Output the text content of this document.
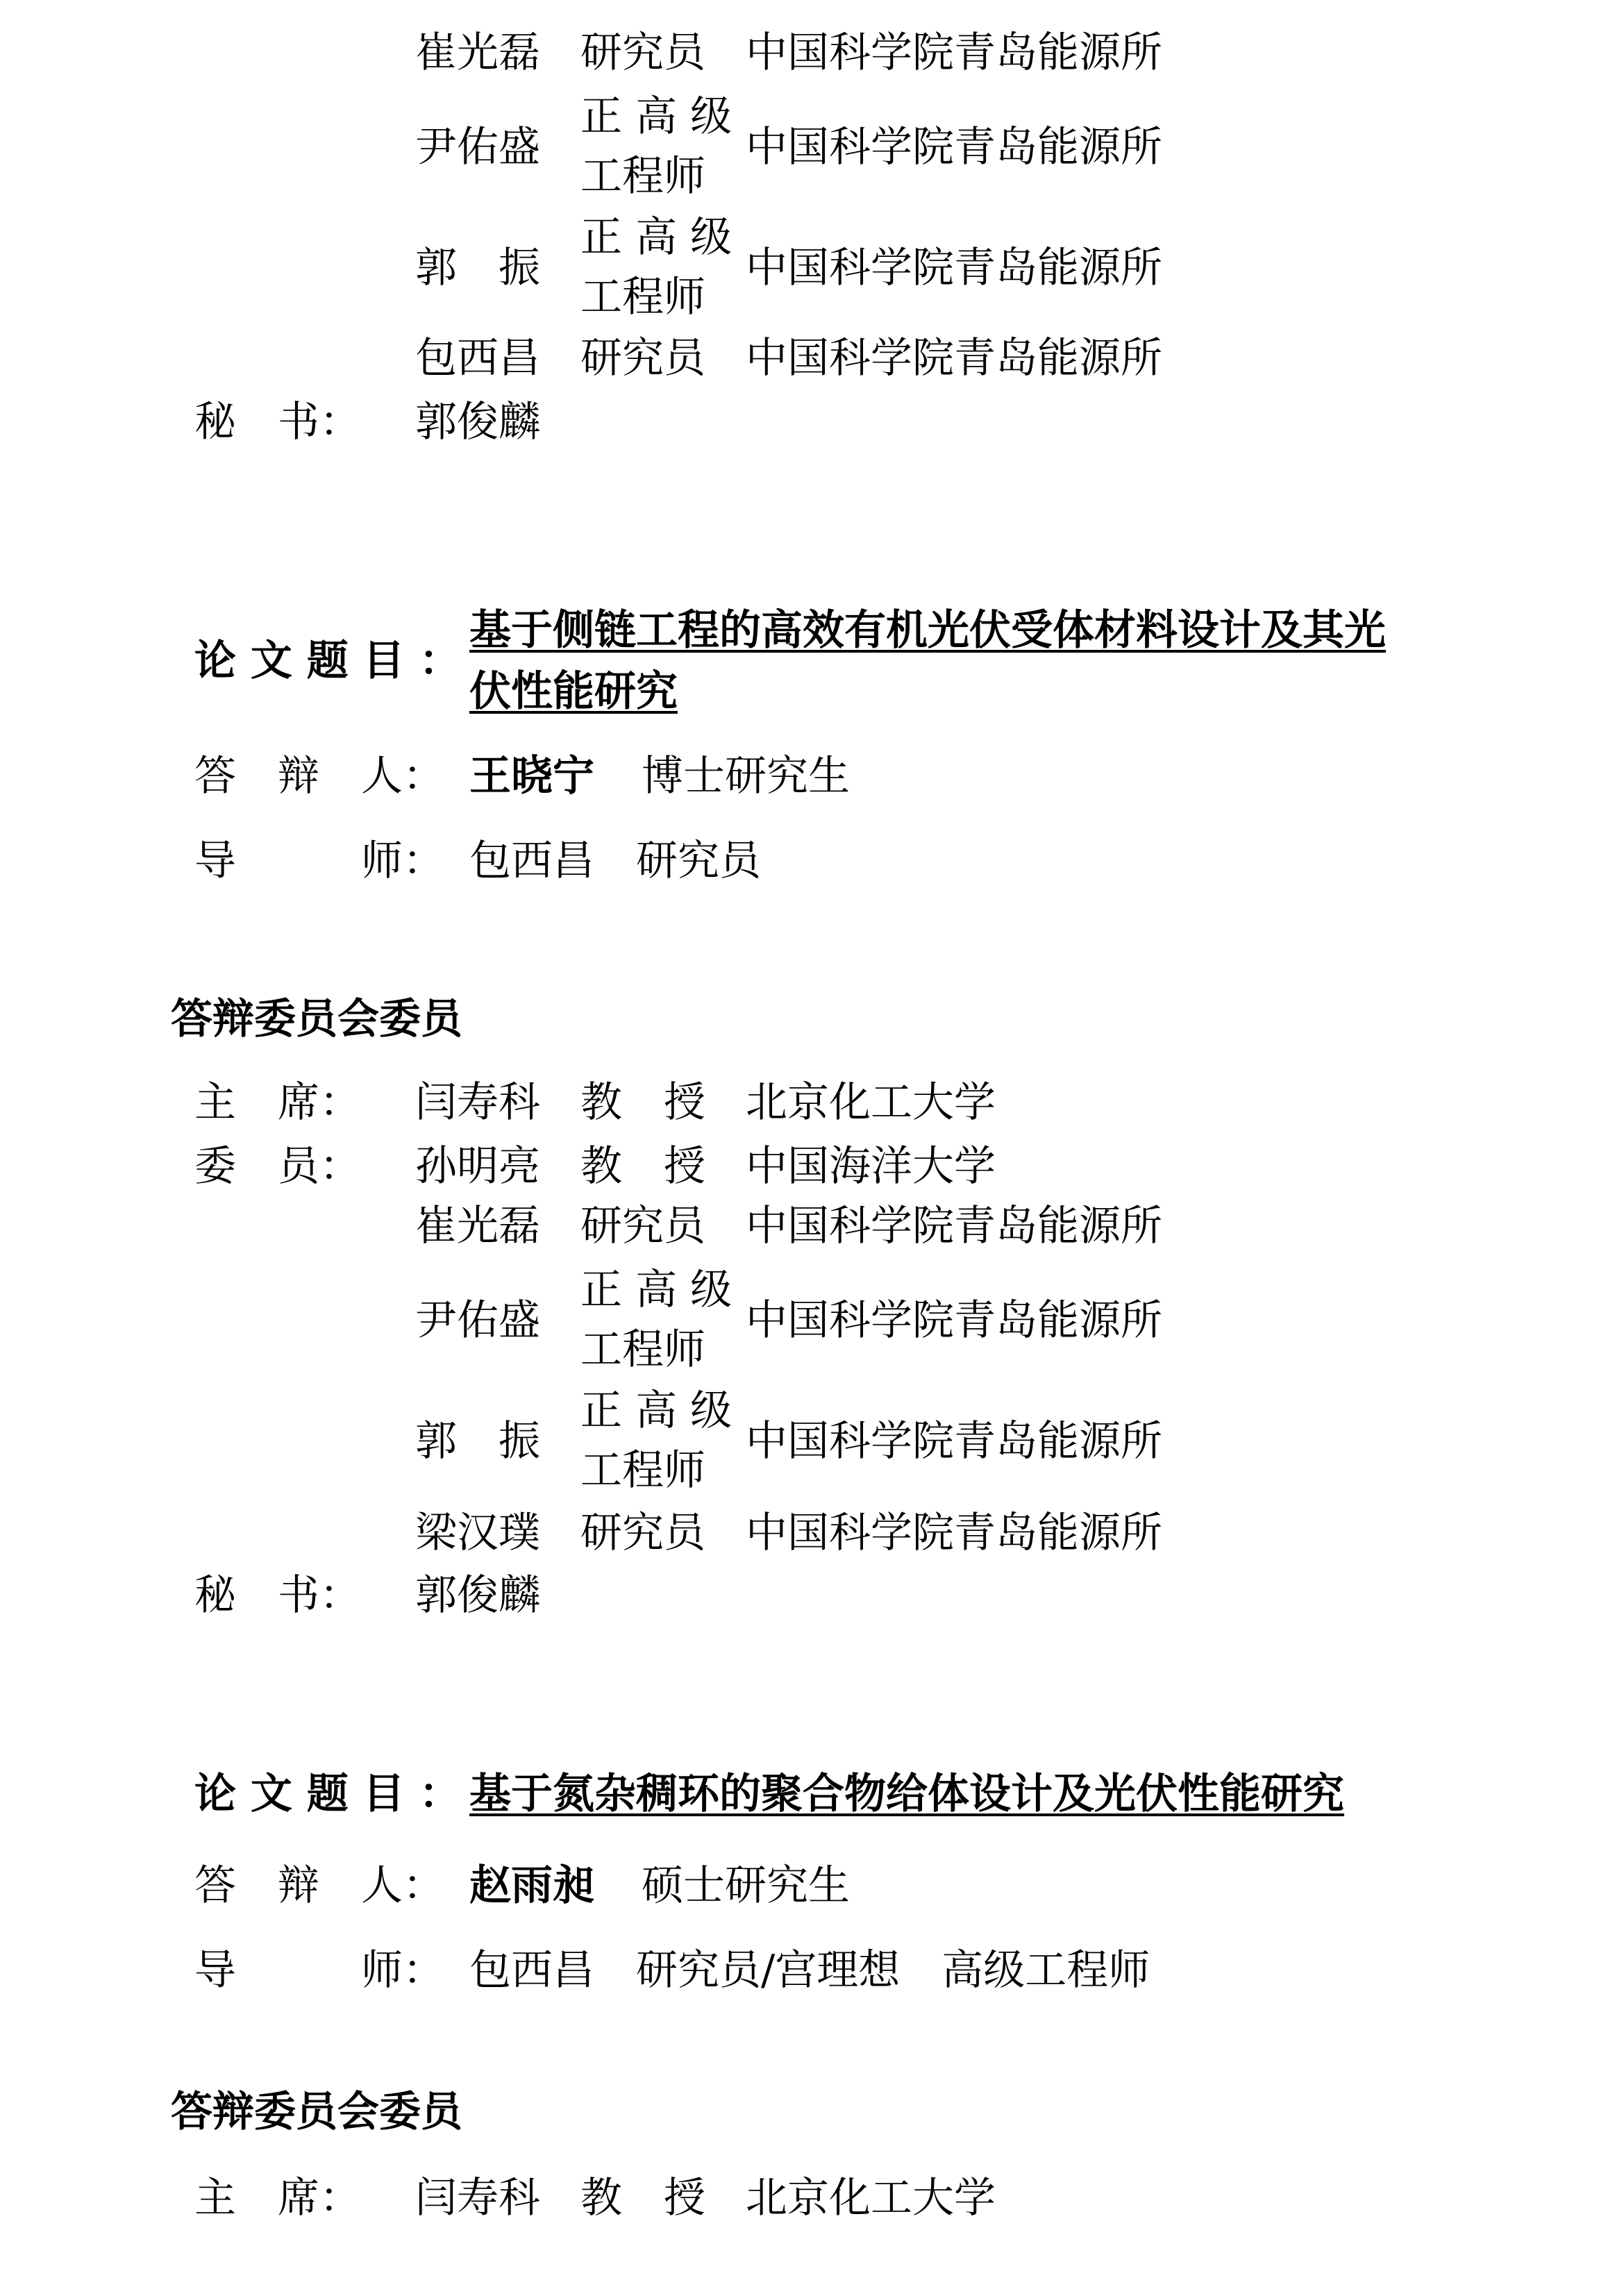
崔光磊 研究员 中国科学院青岛能源所
尹佑盛
正 高 级
工程师
中国科学院青岛能源所
郭　振
正 高 级
工程师
中国科学院青岛能源所
包西昌 研究员 中国科学院青岛能源所
秘　书： 郭俊麟
论 文 题 目 ：
基于侧链工程的高效有机光伏受体材料设计及其光
伏性能研究
答　辩　人： 王晓宁 博士研究生
导　　　师： 包西昌　研究员
答辩委员会委员
主　席： 闫寿科 教　授 北京化工大学
委　员： 孙明亮 教　授 中国海洋大学
崔光磊 研究员 中国科学院青岛能源所
尹佑盛
正 高 级
工程师
中国科学院青岛能源所
郭　振
正 高 级
工程师
中国科学院青岛能源所
梁汉璞 研究员 中国科学院青岛能源所
秘　书： 郭俊麟
论 文 题 目 ： 基于氮杂稠环的聚合物给体设计及光伏性能研究
答　辩　人： 赵雨昶 硕士研究生
导　　　师： 包西昌　研究员/宫理想　高级工程师
答辩委员会委员
主　席： 闫寿科 教　授 北京化工大学
